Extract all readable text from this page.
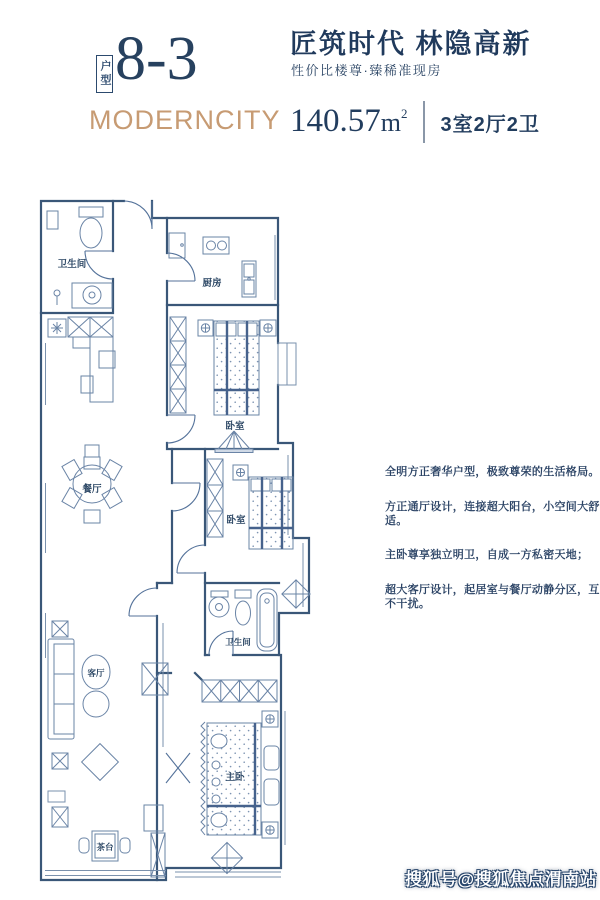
户型 8-3
MODERNCITY
匠筑时代 林隐高新

性价比楼尊·臻稀准现房

$140.57m^2$ 3室2厅2卫
卫生间
厨房
卧室
餐厅
卧室
卫生间
客厅
主卧
茶台

全明方正奢华户型，极致尊荣的生活格局。

方正通厅设计，连接超大阳台，小空间大舒适。

主卧尊享独立明卫，自成一方私密天地；

超大客厅设计，起居室与餐厅动静分区，互不干扰。

搜狐号@搜狐焦点渭南站
